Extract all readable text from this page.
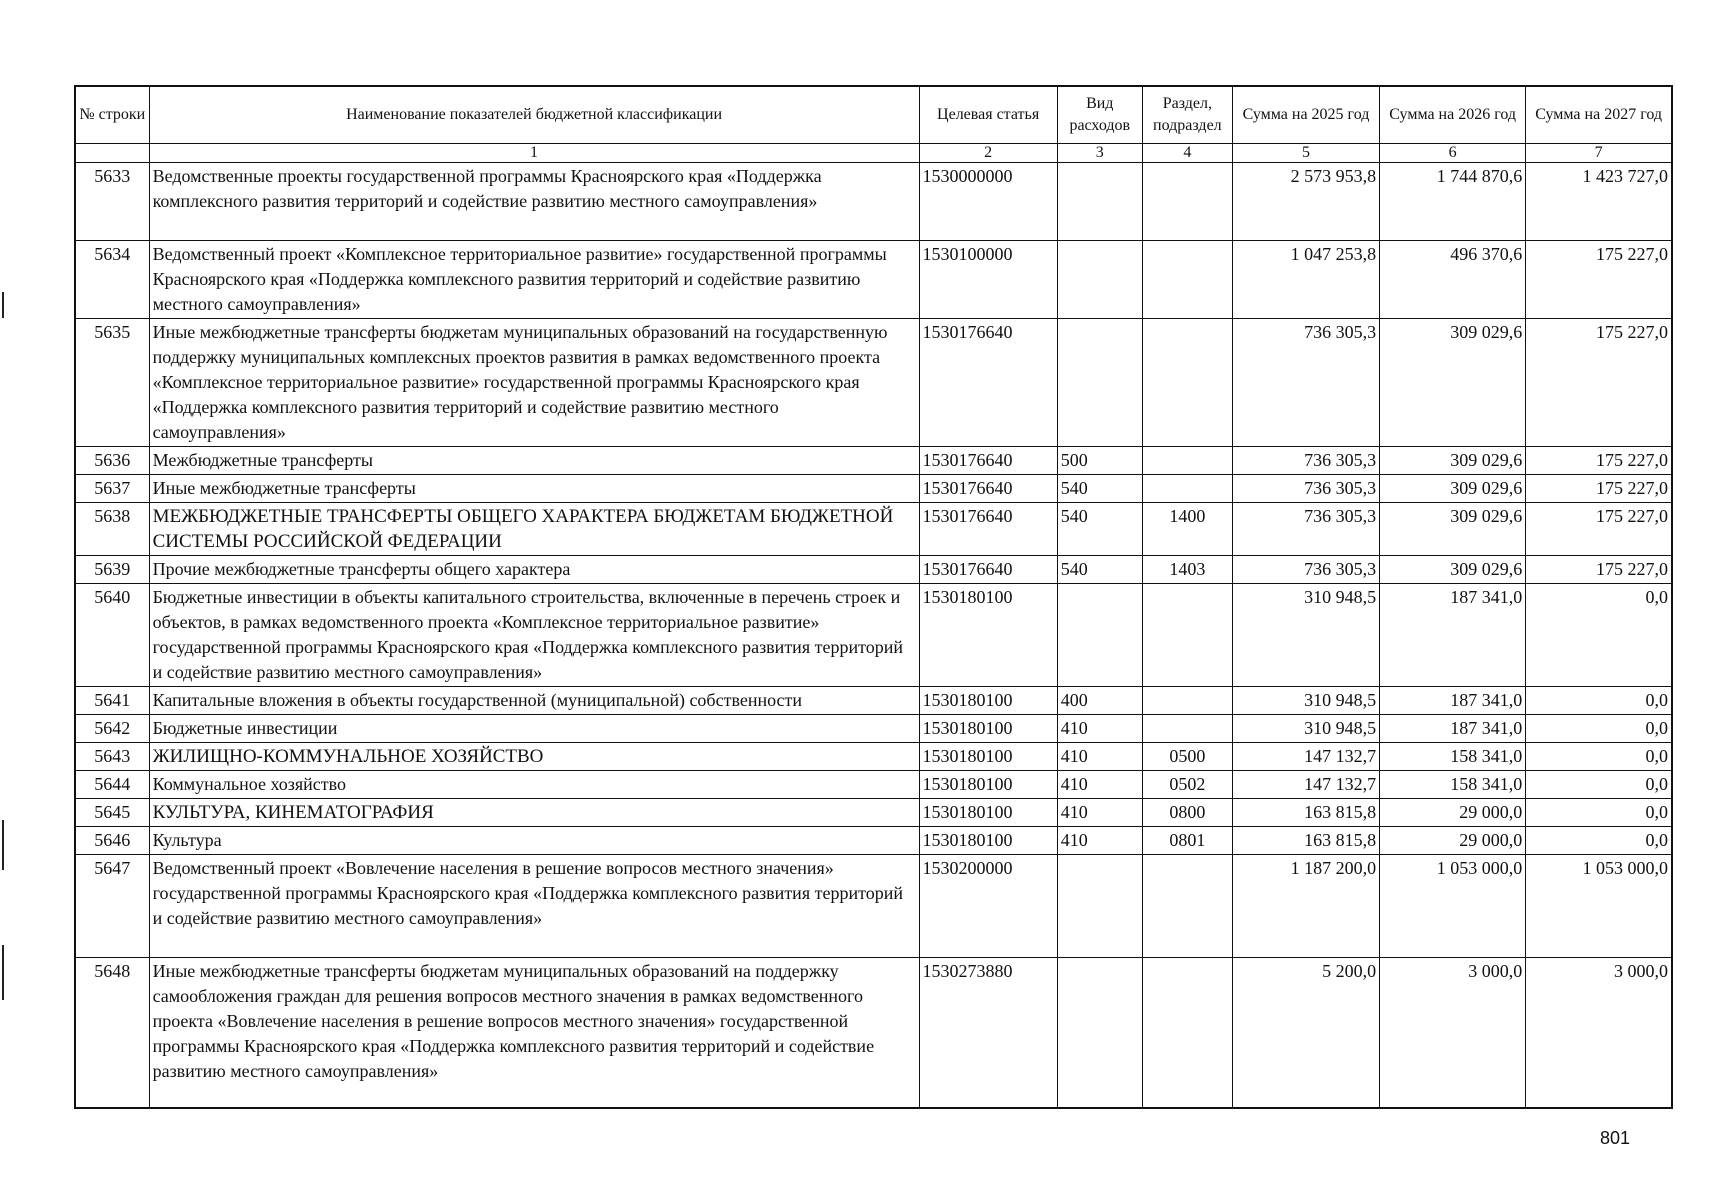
№ строки	Наименование показателей бюджетной классификации	Целевая статья	Вид расходов	Раздел, подраздел	Сумма на 2025 год	Сумма на 2026 год	Сумма на 2027 год
	1	2	3	4	5	6	7
5633	Ведомственные проекты государственной программы Красноярского края «Поддержка комплексного развития территорий и содействие развитию местного самоуправления»	1530000000			2 573 953,8	1 744 870,6	1 423 727,0
5634	Ведомственный проект «Комплексное территориальное развитие» государственной программы Красноярского края «Поддержка комплексного развития территорий и содействие развитию местного самоуправления»	1530100000			1 047 253,8	496 370,6	175 227,0
5635	Иные межбюджетные трансферты бюджетам муниципальных образований на государственную поддержку муниципальных комплексных проектов развития в рамках ведомственного проекта «Комплексное территориальное развитие» государственной программы Красноярского края «Поддержка комплексного развития территорий и содействие развитию местного самоуправления»	1530176640			736 305,3	309 029,6	175 227,0
5636	Межбюджетные трансферты	1530176640	500		736 305,3	309 029,6	175 227,0
5637	Иные межбюджетные трансферты	1530176640	540		736 305,3	309 029,6	175 227,0
5638	МЕЖБЮДЖЕТНЫЕ ТРАНСФЕРТЫ ОБЩЕГО ХАРАКТЕРА БЮДЖЕТАМ БЮДЖЕТНОЙ СИСТЕМЫ РОССИЙСКОЙ ФЕДЕРАЦИИ	1530176640	540	1400	736 305,3	309 029,6	175 227,0
5639	Прочие межбюджетные трансферты общего характера	1530176640	540	1403	736 305,3	309 029,6	175 227,0
5640	Бюджетные инвестиции в объекты капитального строительства, включенные в перечень строек и объектов, в рамках ведомственного проекта «Комплексное территориальное развитие» государственной программы Красноярского края «Поддержка комплексного развития территорий и содействие развитию местного самоуправления»	1530180100			310 948,5	187 341,0	0,0
5641	Капитальные вложения в объекты государственной (муниципальной) собственности	1530180100	400		310 948,5	187 341,0	0,0
5642	Бюджетные инвестиции	1530180100	410		310 948,5	187 341,0	0,0
5643	ЖИЛИЩНО-КОММУНАЛЬНОЕ ХОЗЯЙСТВО	1530180100	410	0500	147 132,7	158 341,0	0,0
5644	Коммунальное хозяйство	1530180100	410	0502	147 132,7	158 341,0	0,0
5645	КУЛЬТУРА, КИНЕМАТОГРАФИЯ	1530180100	410	0800	163 815,8	29 000,0	0,0
5646	Культура	1530180100	410	0801	163 815,8	29 000,0	0,0
5647	Ведомственный проект «Вовлечение населения в решение вопросов местного значения» государственной программы Красноярского края «Поддержка комплексного развития территорий и содействие развитию местного самоуправления»	1530200000			1 187 200,0	1 053 000,0	1 053 000,0
5648	Иные межбюджетные трансферты бюджетам муниципальных образований на поддержку самообложения граждан для решения вопросов местного значения в рамках ведомственного проекта «Вовлечение населения в решение вопросов местного значения» государственной программы Красноярского края «Поддержка комплексного развития территорий и содействие развитию местного самоуправления»	1530273880			5 200,0	3 000,0	3 000,0
801
